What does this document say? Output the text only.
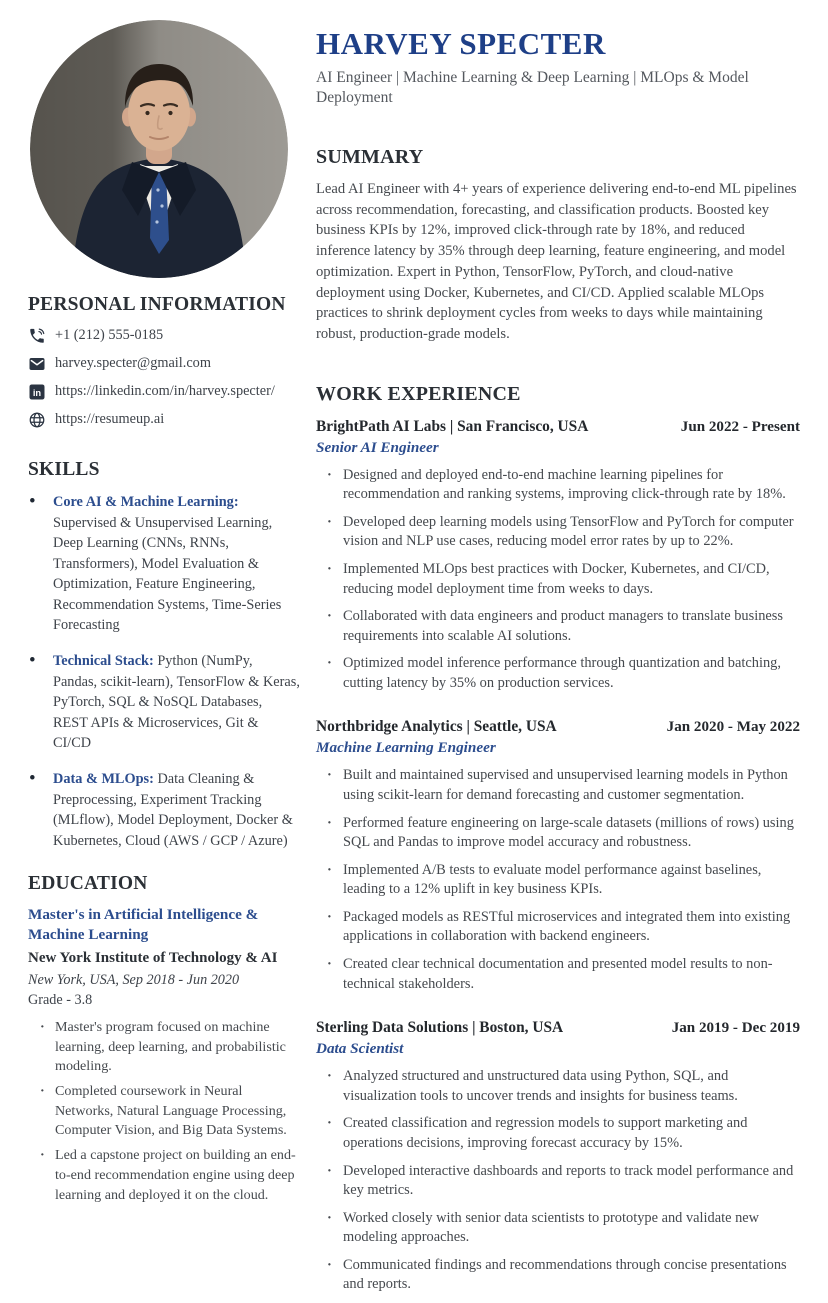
PERSONAL INFORMATION
+1 (212) 555-0185
harvey.specter@gmail.com
in https://linkedin.com/in/harvey.specter/
https://resumeup.ai
SKILLS
• Core AI & Machine Learning: Supervised & Unsupervised Learning, Deep Learning (CNNs, RNNs, Transformers), Model Evaluation & Optimization, Feature Engineering, Recommendation Systems, Time-Series Forecasting
• Technical Stack: Python (NumPy, Pandas, scikit-learn), TensorFlow & Keras, PyTorch, SQL & NoSQL Databases, REST APIs & Microservices, Git & CI/CD
• Data & MLOps: Data Cleaning & Preprocessing, Experiment Tracking (MLflow), Model Deployment, Docker & Kubernetes, Cloud (AWS / GCP / Azure)
EDUCATION
Master's in Artificial Intelligence & Machine Learning
New York Institute of Technology & AI
New York, USA, Sep 2018 - Jun 2020
Grade - 3.8
· Master's program focused on machine learning, deep learning, and probabilistic modeling.
· Completed coursework in Neural Networks, Natural Language Processing, Computer Vision, and Big Data Systems.
· Led a capstone project on building an end-to-end recommendation engine using deep learning and deployed it on the cloud.
HARVEY SPECTER
AI Engineer | Machine Learning & Deep Learning | MLOps & Model Deployment
SUMMARY

Lead AI Engineer with 4+ years of experience delivering end-to-end ML pipelines across recommendation, forecasting, and classification products. Boosted key business KPIs by 12%, improved click-through rate by 18%, and reduced inference latency by 35% through deep learning, feature engineering, and model optimization. Expert in Python, TensorFlow, PyTorch, and cloud-native deployment using Docker, Kubernetes, and CI/CD. Applied scalable MLOps practices to shrink deployment cycles from weeks to days while maintaining robust, production-grade models.

WORK EXPERIENCE
BrightPath AI Labs | San Francisco, USA	Jun 2022 - Present
Senior AI Engineer
· Designed and deployed end-to-end machine learning pipelines for recommendation and ranking systems, improving click-through rate by 18%.
· Developed deep learning models using TensorFlow and PyTorch for computer vision and NLP use cases, reducing model error rates by up to 22%.
· Implemented MLOps best practices with Docker, Kubernetes, and CI/CD, reducing model deployment time from weeks to days.
· Collaborated with data engineers and product managers to translate business requirements into scalable AI solutions.
· Optimized model inference performance through quantization and batching, cutting latency by 35% on production services.
Northbridge Analytics | Seattle, USA	Jan 2020 - May 2022
Machine Learning Engineer
· Built and maintained supervised and unsupervised learning models in Python using scikit-learn for demand forecasting and customer segmentation.
· Performed feature engineering on large-scale datasets (millions of rows) using SQL and Pandas to improve model accuracy and robustness.
· Implemented A/B tests to evaluate model performance against baselines, leading to a 12% uplift in key business KPIs.
· Packaged models as RESTful microservices and integrated them into existing applications in collaboration with backend engineers.
· Created clear technical documentation and presented model results to non-technical stakeholders.
Sterling Data Solutions | Boston, USA	Jan 2019 - Dec 2019
Data Scientist
· Analyzed structured and unstructured data using Python, SQL, and visualization tools to uncover trends and insights for business teams.
· Created classification and regression models to support marketing and operations decisions, improving forecast accuracy by 15%.
· Developed interactive dashboards and reports to track model performance and key metrics.
· Worked closely with senior data scientists to prototype and validate new modeling approaches.
· Communicated findings and recommendations through concise presentations and reports.
